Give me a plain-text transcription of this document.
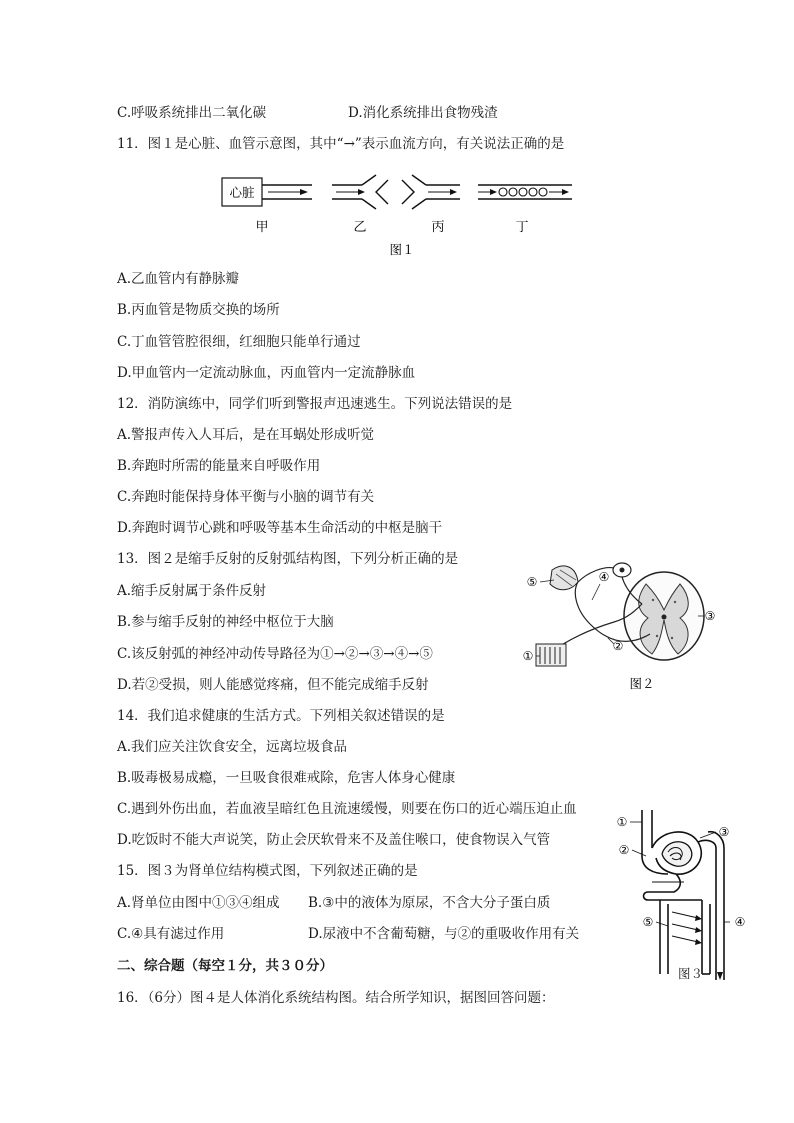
C.呼吸系统排出二氧化碳	D.消化系统排出食物残渣
11．图１是心脏、血管示意图，其中“→”表示血流方向，有关说法正确的是
心脏
甲	乙	丙	丁
图１
A.乙血管内有静脉瓣
B.丙血管是物质交换的场所
C.丁血管管腔很细，红细胞只能单行通过
D.甲血管内一定流动脉血，丙血管内一定流静脉血
12．消防演练中，同学们听到警报声迅速逃生。下列说法错误的是
A.警报声传入人耳后，是在耳蜗处形成听觉
B.奔跑时所需的能量来自呼吸作用
C.奔跑时能保持身体平衡与小脑的调节有关
D.奔跑时调节心跳和呼吸等基本生命活动的中枢是脑干
13．图２是缩手反射的反射弧结构图，下列分析正确的是
A.缩手反射属于条件反射
B.参与缩手反射的神经中枢位于大脑
C.该反射弧的神经冲动传导路径为①→②→③→④→⑤
D.若②受损，则人能感觉疼痛，但不能完成缩手反射
⑤	④
③
②
①
图２
14．我们追求健康的生活方式。下列相关叙述错误的是
A.我们应关注饮食安全，远离垃圾食品
B.吸毒极易成瘾，一旦吸食很难戒除，危害人体身心健康
C.遇到外伤出血，若血液呈暗红色且流速缓慢，则要在伤口的近心端压迫止血
D.吃饭时不能大声说笑，防止会厌软骨来不及盖住喉口，使食物误入气管
15．图３为肾单位结构模式图，下列叙述正确的是
A.肾单位由图中①③④组成 B.③中的液体为原尿，不含大分子蛋白质
C.④具有滤过作用	D.尿液中不含葡萄糖，与②的重吸收作用有关
①
②
③
④
⑤
图３
二、综合题（每空１分，共３０分）
16．（6分）图４是人体消化系统结构图。结合所学知识，据图回答问题：
